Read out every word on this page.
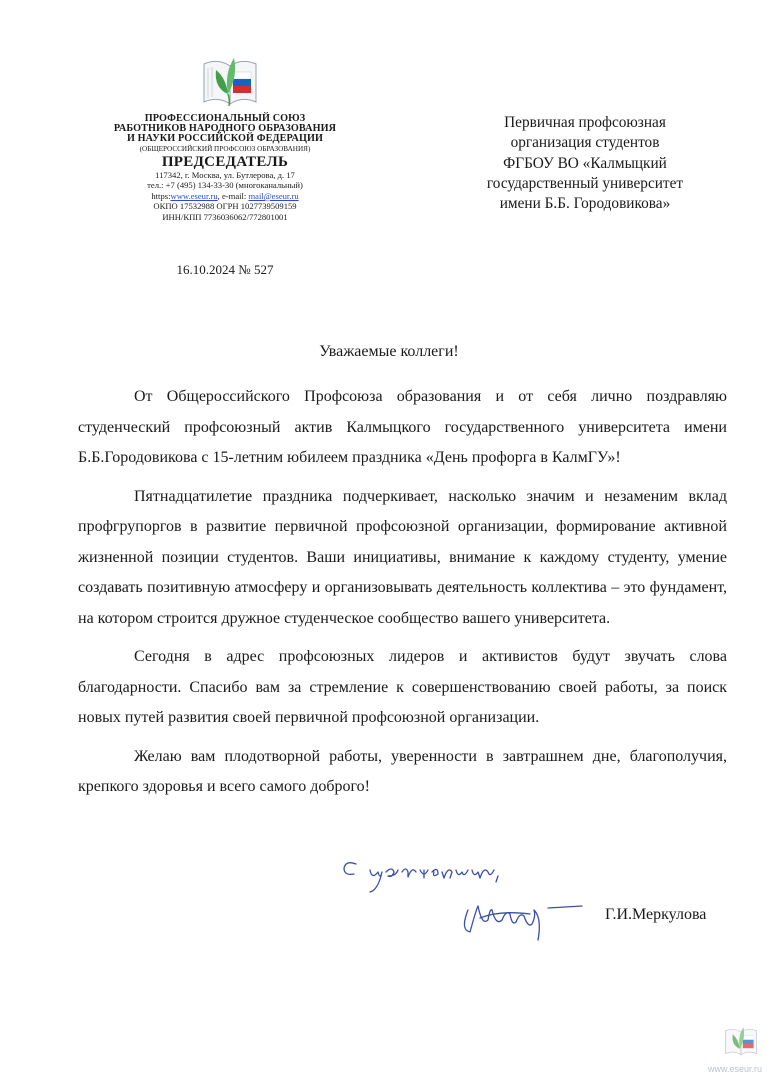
ПРОФЕССИОНАЛЬНЫЙ СОЮЗ
РАБОТНИКОВ НАРОДНОГО ОБРАЗОВАНИЯ
И НАУКИ РОССИЙСКОЙ ФЕДЕРАЦИИ
(ОБЩЕРОССИЙСКИЙ ПРОФСОЮЗ ОБРАЗОВАНИЯ)
ПРЕДСЕДАТЕЛЬ
117342, г. Москва, ул. Бутлерова, д. 17
тел.: +7 (495) 134-33-30 (многоканальный)
https:www.eseur.ru, e-mail: mail@eseur.ru
ОКПО 17532988 ОГРН 1027739509159
ИНН/КПП 7736036062/772801001
16.10.2024 № 527
Первичная профсоюзная
организация студентов
ФГБОУ ВО «Калмыцкий
государственный университет
имени Б.Б. Городовикова»
Уважаемые коллеги!

От Общероссийского Профсоюза образования и от себя лично поздравляю студенческий профсоюзный актив Калмыцкого государственного университета имени Б.Б.Городовикова с 15-летним юбилеем праздника «День профорга в КалмГУ»!

Пятнадцатилетие праздника подчеркивает, насколько значим и незаменим вклад профгрупоргов в развитие первичной профсоюзной организации, формирование активной жизненной позиции студентов. Ваши инициативы, внимание к каждому студенту, умение создавать позитивную атмосферу и организовывать деятельность коллектива – это фундамент, на котором строится дружное студенческое сообщество вашего университета.

Сегодня в адрес профсоюзных лидеров и активистов будут звучать слова благодарности. Спасибо вам за стремление к совершенствованию своей работы, за поиск новых путей развития своей первичной профсоюзной организации.

Желаю вам плодотворной работы, уверенности в завтрашнем дне, благополучия, крепкого здоровья и всего самого доброго!

Г.И.Меркулова
www.eseur.ru
